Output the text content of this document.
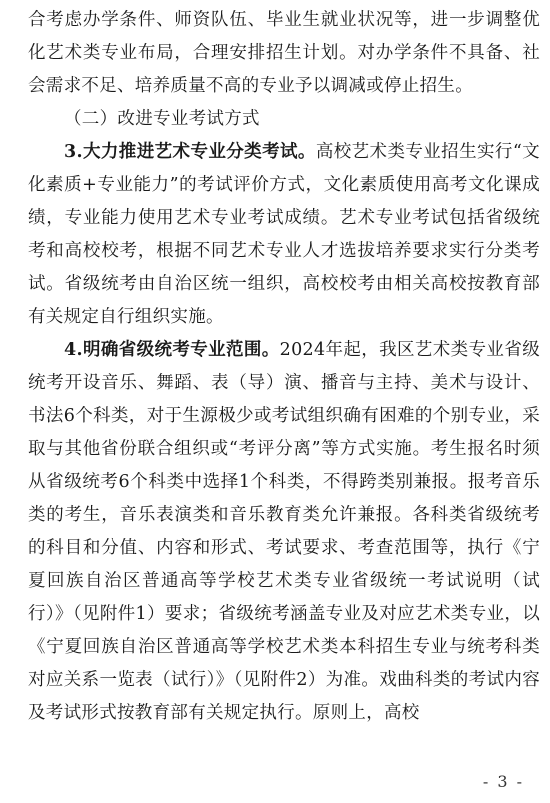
合考虑办学条件、师资队伍、毕业生就业状况等，进一步调整优化艺术类专业布局，合理安排招生计划。对办学条件不具备、社会需求不足、培养质量不高的专业予以调减或停止招生。

（二）改进专业考试方式

3.大力推进艺术专业分类考试。高校艺术类专业招生实行“文化素质+专业能力”的考试评价方式，文化素质使用高考文化课成绩，专业能力使用艺术专业考试成绩。艺术专业考试包括省级统考和高校校考，根据不同艺术专业人才选拔培养要求实行分类考试。省级统考由自治区统一组织，高校校考由相关高校按教育部有关规定自行组织实施。

4.明确省级统考专业范围。2024年起，我区艺术类专业省级统考开设音乐、舞蹈、表（导）演、播音与主持、美术与设计、书法6个科类，对于生源极少或考试组织确有困难的个别专业，采取与其他省份联合组织或“考评分离”等方式实施。考生报名时须从省级统考6个科类中选择1个科类，不得跨类别兼报。报考音乐类的考生，音乐表演类和音乐教育类允许兼报。各科类省级统考的科目和分值、内容和形式、考试要求、考查范围等，执行《宁夏回族自治区普通高等学校艺术类专业省级统一考试说明（试行）》（见附件1）要求；省级统考涵盖专业及对应艺术类专业，以《宁夏回族自治区普通高等学校艺术类本科招生专业与统考科类对应关系一览表（试行）》（见附件2）为准。戏曲科类的考试内容及考试形式按教育部有关规定执行。原则上，高校

- 3 -
